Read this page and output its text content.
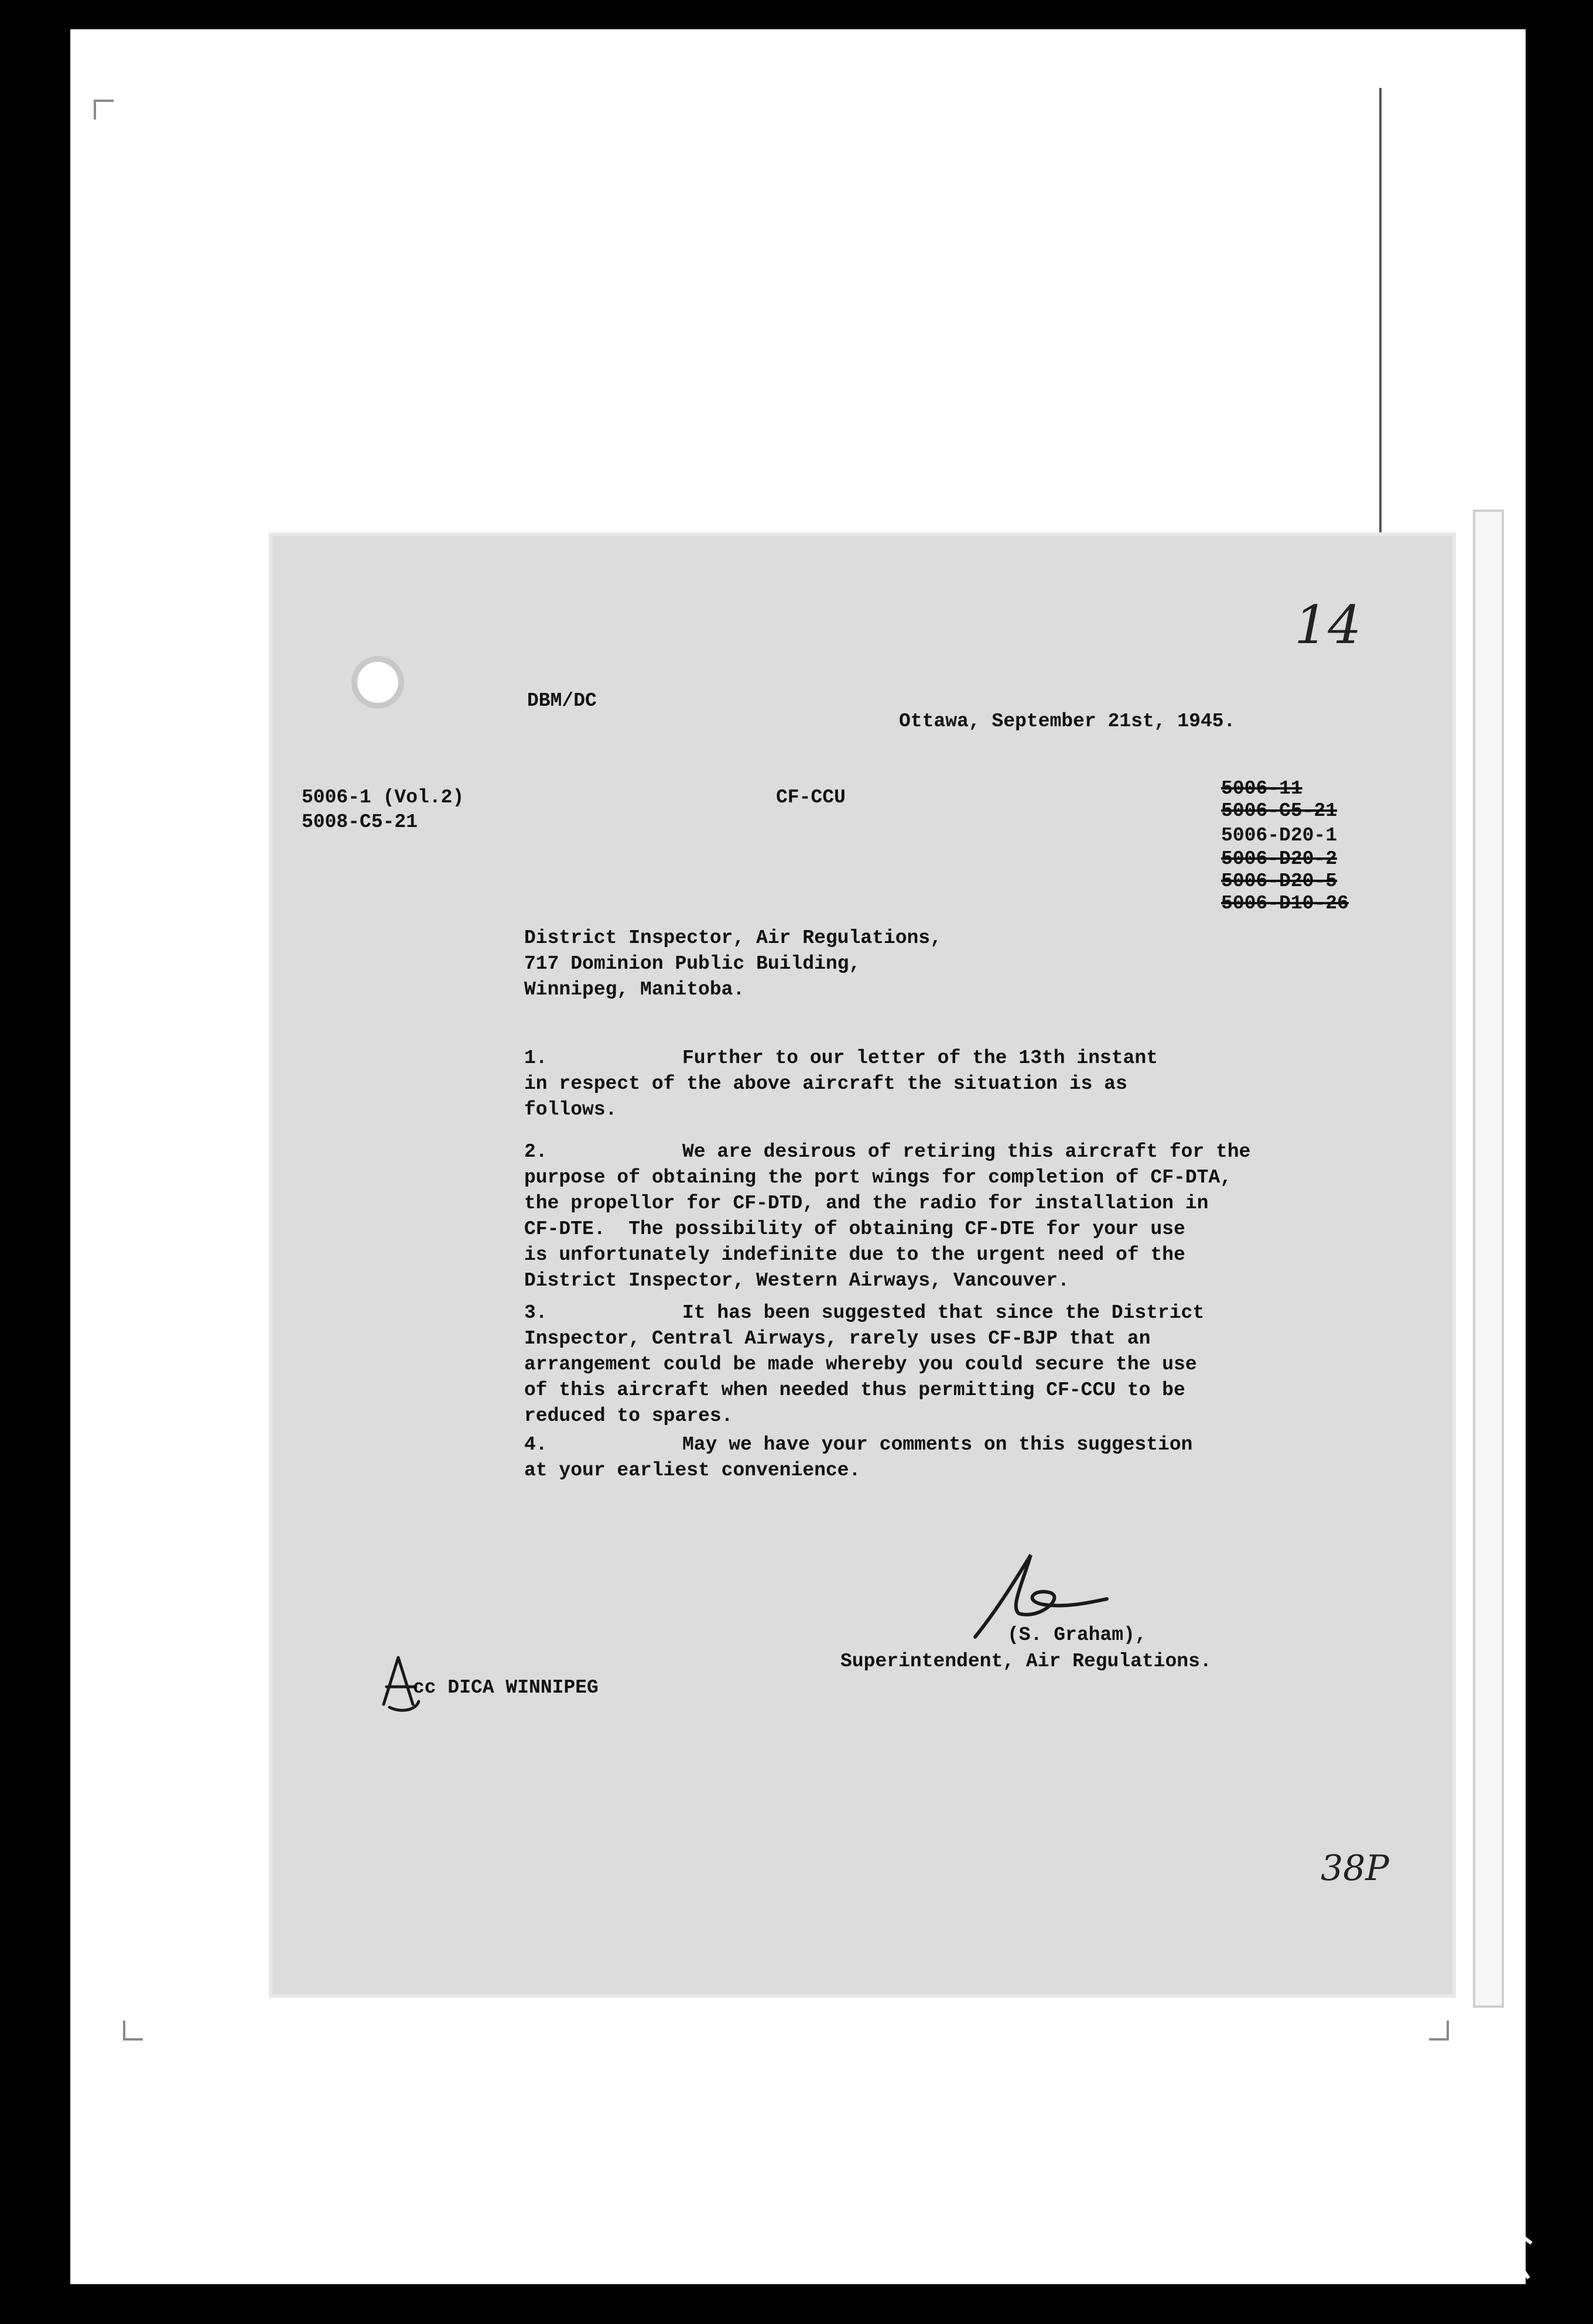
14

DBM/DC

Ottawa, September 21st, 1945.

5006-1 (Vol.2)

5008-C5-21

CF-CCU	5006-11

5006-C5-21

5006-D20-1

5006-D20-2

5006-D20-5

5006-D10-26

District Inspector, Air Regulations,

717 Dominion Public Building,

Winnipeg, Manitoba.

1.	Further to our letter of the 13th instant

in respect of the above aircraft the situation is as
follows.

2.	We are desirous of retiring this aircraft for the

purpose of obtaining the port wings for completion of CF-DTA,
the propellor for CF-DTD, and the radio for installation in
CF-DTE.  The possibility of obtaining CF-DTE for your use
is unfortunately indefinite due to the urgent need of the
District Inspector, Western Airways, Vancouver.

3.	It has been suggested that since the District

Inspector, Central Airways, rarely uses CF-BJP that an
arrangement could be made whereby you could secure the use
of this aircraft when needed thus permitting CF-CCU to be
reduced to spares.

4.	May we have your comments on this suggestion

at your earliest convenience.

(S. Graham),

Superintendent, Air Regulations.

cc DICA WINNIPEG

38P
